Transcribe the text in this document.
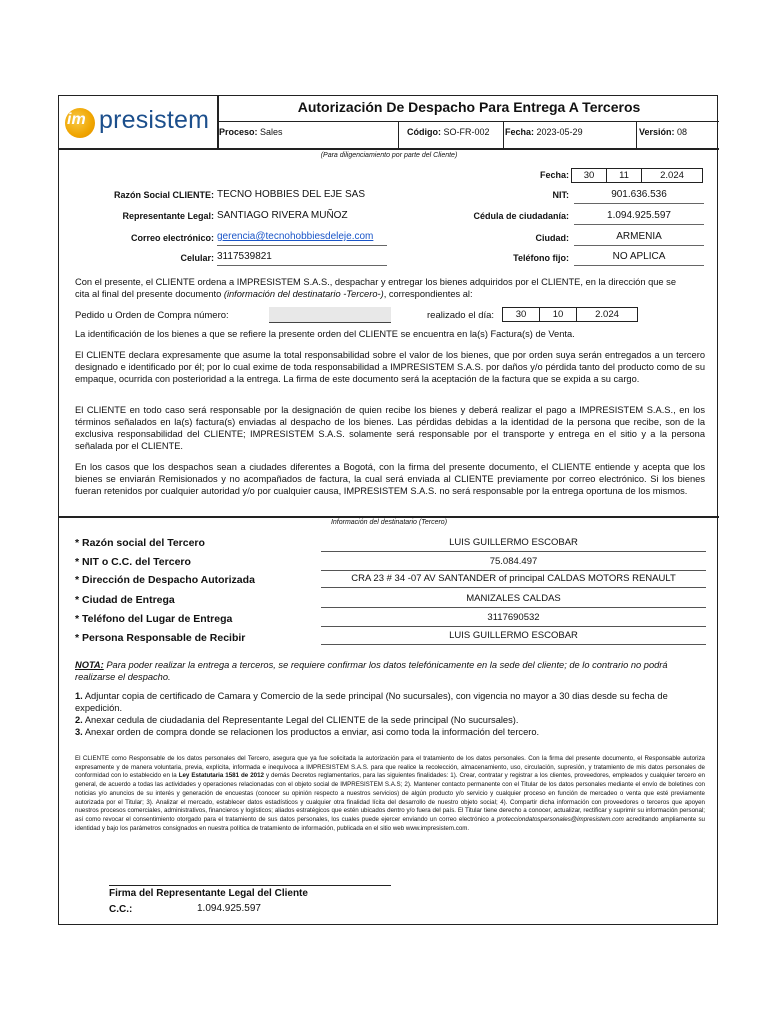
im presistem	Autorización De Despacho Para Entrega A Terceros
Proceso: Sales	Código: SO-FR-002 Fecha: 2023-05-29	Versión: 08
(Para diligenciamiento por parte del Cliente)
Fecha:	30	11	2.024
Razón Social CLIENTE: TECNO HOBBIES DEL EJE SAS	NIT:	901.636.536
Representante Legal: SANTIAGO RIVERA MUÑOZ	Cédula de ciudadanía:	1.094.925.597
Correo electrónico: gerencia@tecnohobbiesdeleje.com	Ciudad:	ARMENIA
Celular: 3117539821	Teléfono fijo:	NO APLICA
Con el presente, el CLIENTE ordena a IMPRESISTEM S.A.S., despachar y entregar los bienes adquiridos por el CLIENTE, en la dirección que se
cita al final del presente documento (información del destinatario -Tercero-), correspondientes al:
Pedido u Orden de Compra número:	realizado el día:	30	10	2.024
La identificación de los bienes a que se refiere la presente orden del CLIENTE se encuentra en la(s) Factura(s) de Venta.
El CLIENTE declara expresamente que asume la total responsabilidad sobre el valor de los bienes, que por orden suya serán entregados a un tercero designado e identificado por él; por lo cual exime de toda responsabilidad a IMPRESISTEM S.A.S. por daños y/o pérdida tanto del producto como de su empaque, ocurrida con posterioridad a la entrega. La firma de este documento será la aceptación de la factura que se expida a su cargo.
El CLIENTE en todo caso será responsable por la designación de quien recibe los bienes y deberá realizar el pago a IMPRESISTEM S.A.S., en los términos señalados en la(s) factura(s) enviadas al despacho de los bienes. Las pérdidas debidas a la identidad de la persona que recibe, son de la exclusiva responsabilidad del CLIENTE; IMPRESISTEM S.A.S. solamente será responsable por el transporte y entrega en el sitio y a la persona señalada por el CLIENTE.
En los casos que los despachos sean a ciudades diferentes a Bogotá, con la firma del presente documento, el CLIENTE entiende y acepta que los bienes se enviarán Remisionados y no acompañados de factura, la cual será enviada al CLIENTE previamente por correo electrónico. Si los bienes fueran retenidos por cualquier autoridad y/o por cualquier causa, IMPRESISTEM S.A.S. no será responsable por la entrega oportuna de los mismos.
Información del destinatario (Tercero)
* Razón social del Tercero	LUIS GUILLERMO ESCOBAR
* NIT o C.C. del Tercero	75.084.497
* Dirección de Despacho Autorizada	CRA 23 # 34 -07 AV SANTANDER of principal CALDAS MOTORS RENAULT
* Ciudad de Entrega	MANIZALES CALDAS
* Teléfono del Lugar de Entrega	3117690532
* Persona Responsable de Recibir	LUIS GUILLERMO ESCOBAR
NOTA: Para poder realizar la entrega a terceros, se requiere confirmar los datos telefónicamente en la sede del cliente; de lo contrario no podrá realizarse el despacho.
1. Adjuntar copia de certificado de Camara y Comercio de la sede principal (No sucursales), con vigencia no mayor a 30 dias desde su fecha de expedición.
2. Anexar cedula de ciudadania del Representante Legal del CLIENTE de la sede principal (No sucursales).
3. Anexar orden de compra donde se relacionen los productos a enviar, asi como toda la información del tercero.
El CLIENTE como Responsable de los datos personales del Tercero, asegura que ya fue solicitada la autorización para el tratamiento de los datos personales. Con la firma del presente documento, el Responsable autoriza expresamente y de manera voluntaria, previa, explícita, informada e inequívoca a IMPRESISTEM S.A.S. para que realice la recolección, almacenamiento, uso, circulación, supresión, y tratamiento de mis datos personales de conformidad con lo establecido en la Ley Estatutaria 1581 de 2012 y demás Decretos reglamentarios, para las siguientes finalidades: 1). Crear, contratar y registrar a los clientes, proveedores, empleados y cualquier tercero en general, de acuerdo a todas las actividades y operaciones relacionadas con el objeto social de IMPRESISTEM S.A.S; 2). Mantener contacto permanente con el Titular de los datos personales mediante el envío de boletines con noticias y/o anuncios de su interés y generación de encuestas (conocer su opinión respecto a nuestros servicios) de algún producto y/o servicio y cualquier proceso en función de mercadeo o venta que esté previamente autorizada por el Titular; 3). Analizar el mercado, establecer datos estadísticos y cualquier otra finalidad lícita del desarrollo de nuestro objeto social; 4). Compartir dicha información con proveedores o terceros que apoyen nuestros procesos comerciales, administrativos, financieros y logísticos; aliados estratégicos que estén ubicados dentro y/o fuera del país. El Titular tiene derecho a conocer, actualizar, rectificar y suprimir su información personal; así como revocar el consentimiento otorgado para el tratamiento de sus datos personales, los cuales puede ejercer enviando un correo electrónico a protecciondatospersonales@impresistem.com acreditando ampliamente su identidad y bajo los parámetros consignados en nuestra política de tratamiento de información, publicada en el sitio web www.impresistem.com.
Firma del Representante Legal del Cliente
C.C.:	1.094.925.597
